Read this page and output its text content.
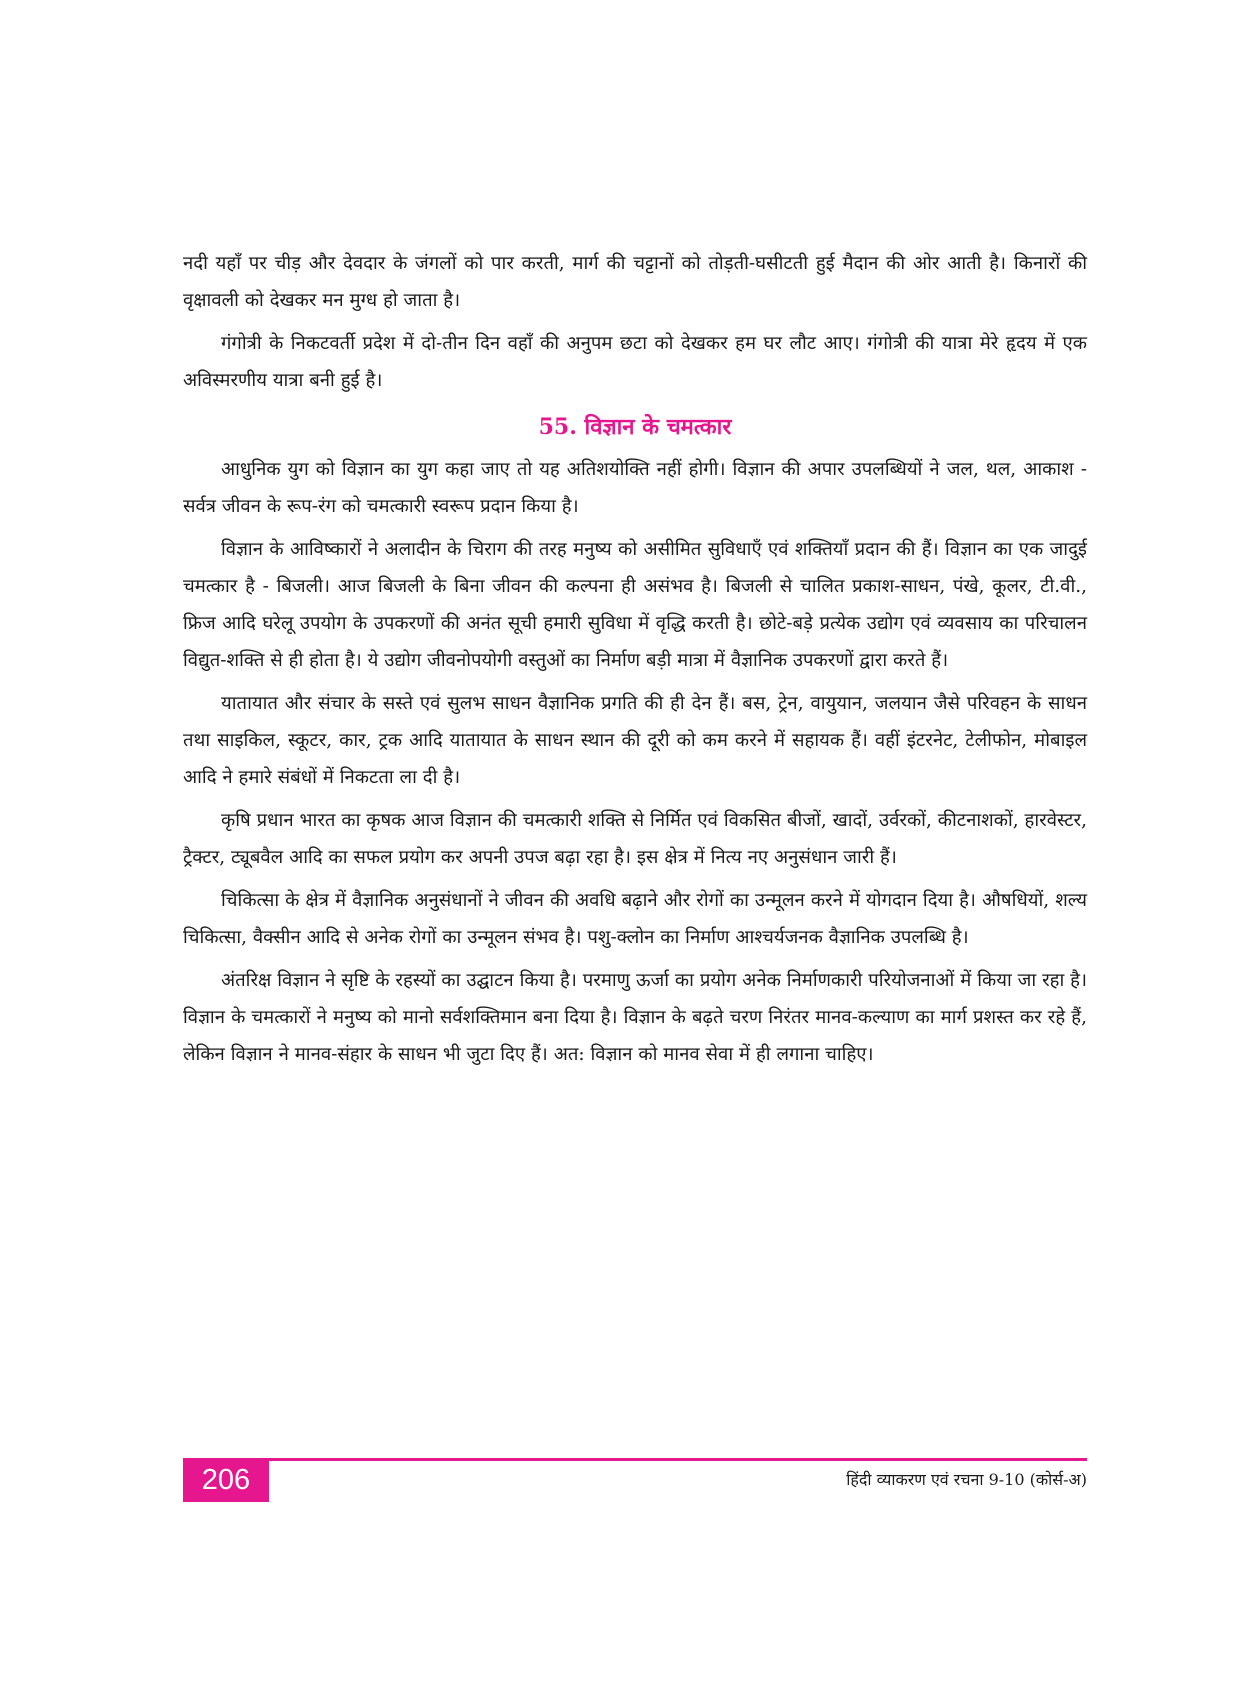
नदी यहाँ पर चीड़ और देवदार के जंगलों को पार करती, मार्ग की चट्टानों को तोड़ती-घसीटती हुई मैदान की ओर आती है। किनारों की वृक्षावली को देखकर मन मुग्ध हो जाता है।

गंगोत्री के निकटवर्ती प्रदेश में दो-तीन दिन वहाँ की अनुपम छटा को देखकर हम घर लौट आए। गंगोत्री की यात्रा मेरे हृदय में एक अविस्मरणीय यात्रा बनी हुई है।

55. विज्ञान के चमत्कार

आधुनिक युग को विज्ञान का युग कहा जाए तो यह अतिशयोक्ति नहीं होगी। विज्ञान की अपार उपलब्धियों ने जल, थल, आकाश - सर्वत्र जीवन के रूप-रंग को चमत्कारी स्वरूप प्रदान किया है।

विज्ञान के आविष्कारों ने अलादीन के चिराग की तरह मनुष्य को असीमित सुविधाएँ एवं शक्तियाँ प्रदान की हैं। विज्ञान का एक जादुई चमत्कार है - बिजली। आज बिजली के बिना जीवन की कल्पना ही असंभव है। बिजली से चालित प्रकाश-साधन, पंखे, कूलर, टी.वी., फ्रिज आदि घरेलू उपयोग के उपकरणों की अनंत सूची हमारी सुविधा में वृद्धि करती है। छोटे-बड़े प्रत्येक उद्योग एवं व्यवसाय का परिचालन विद्युत-शक्ति से ही होता है। ये उद्योग जीवनोपयोगी वस्तुओं का निर्माण बड़ी मात्रा में वैज्ञानिक उपकरणों द्वारा करते हैं।

यातायात और संचार के सस्ते एवं सुलभ साधन वैज्ञानिक प्रगति की ही देन हैं। बस, ट्रेन, वायुयान, जलयान जैसे परिवहन के साधन तथा साइकिल, स्कूटर, कार, ट्रक आदि यातायात के साधन स्थान की दूरी को कम करने में सहायक हैं। वहीं इंटरनेट, टेलीफोन, मोबाइल आदि ने हमारे संबंधों में निकटता ला दी है।

कृषि प्रधान भारत का कृषक आज विज्ञान की चमत्कारी शक्ति से निर्मित एवं विकसित बीजों, खादों, उर्वरकों, कीटनाशकों, हारवेस्टर, ट्रैक्टर, ट्यूबवैल आदि का सफल प्रयोग कर अपनी उपज बढ़ा रहा है। इस क्षेत्र में नित्य नए अनुसंधान जारी हैं।

चिकित्सा के क्षेत्र में वैज्ञानिक अनुसंधानों ने जीवन की अवधि बढ़ाने और रोगों का उन्मूलन करने में योगदान दिया है। औषधियों, शल्य चिकित्सा, वैक्सीन आदि से अनेक रोगों का उन्मूलन संभव है। पशु-क्लोन का निर्माण आश्चर्यजनक वैज्ञानिक उपलब्धि है।

अंतरिक्ष विज्ञान ने सृष्टि के रहस्यों का उद्घाटन किया है। परमाणु ऊर्जा का प्रयोग अनेक निर्माणकारी परियोजनाओं में किया जा रहा है। विज्ञान के चमत्कारों ने मनुष्य को मानो सर्वशक्तिमान बना दिया है। विज्ञान के बढ़ते चरण निरंतर मानव-कल्याण का मार्ग प्रशस्त कर रहे हैं, लेकिन विज्ञान ने मानव-संहार के साधन भी जुटा दिए हैं। अत: विज्ञान को मानव सेवा में ही लगाना चाहिए।

206	हिंदी व्याकरण एवं रचना 9-10 (कोर्स-अ)
